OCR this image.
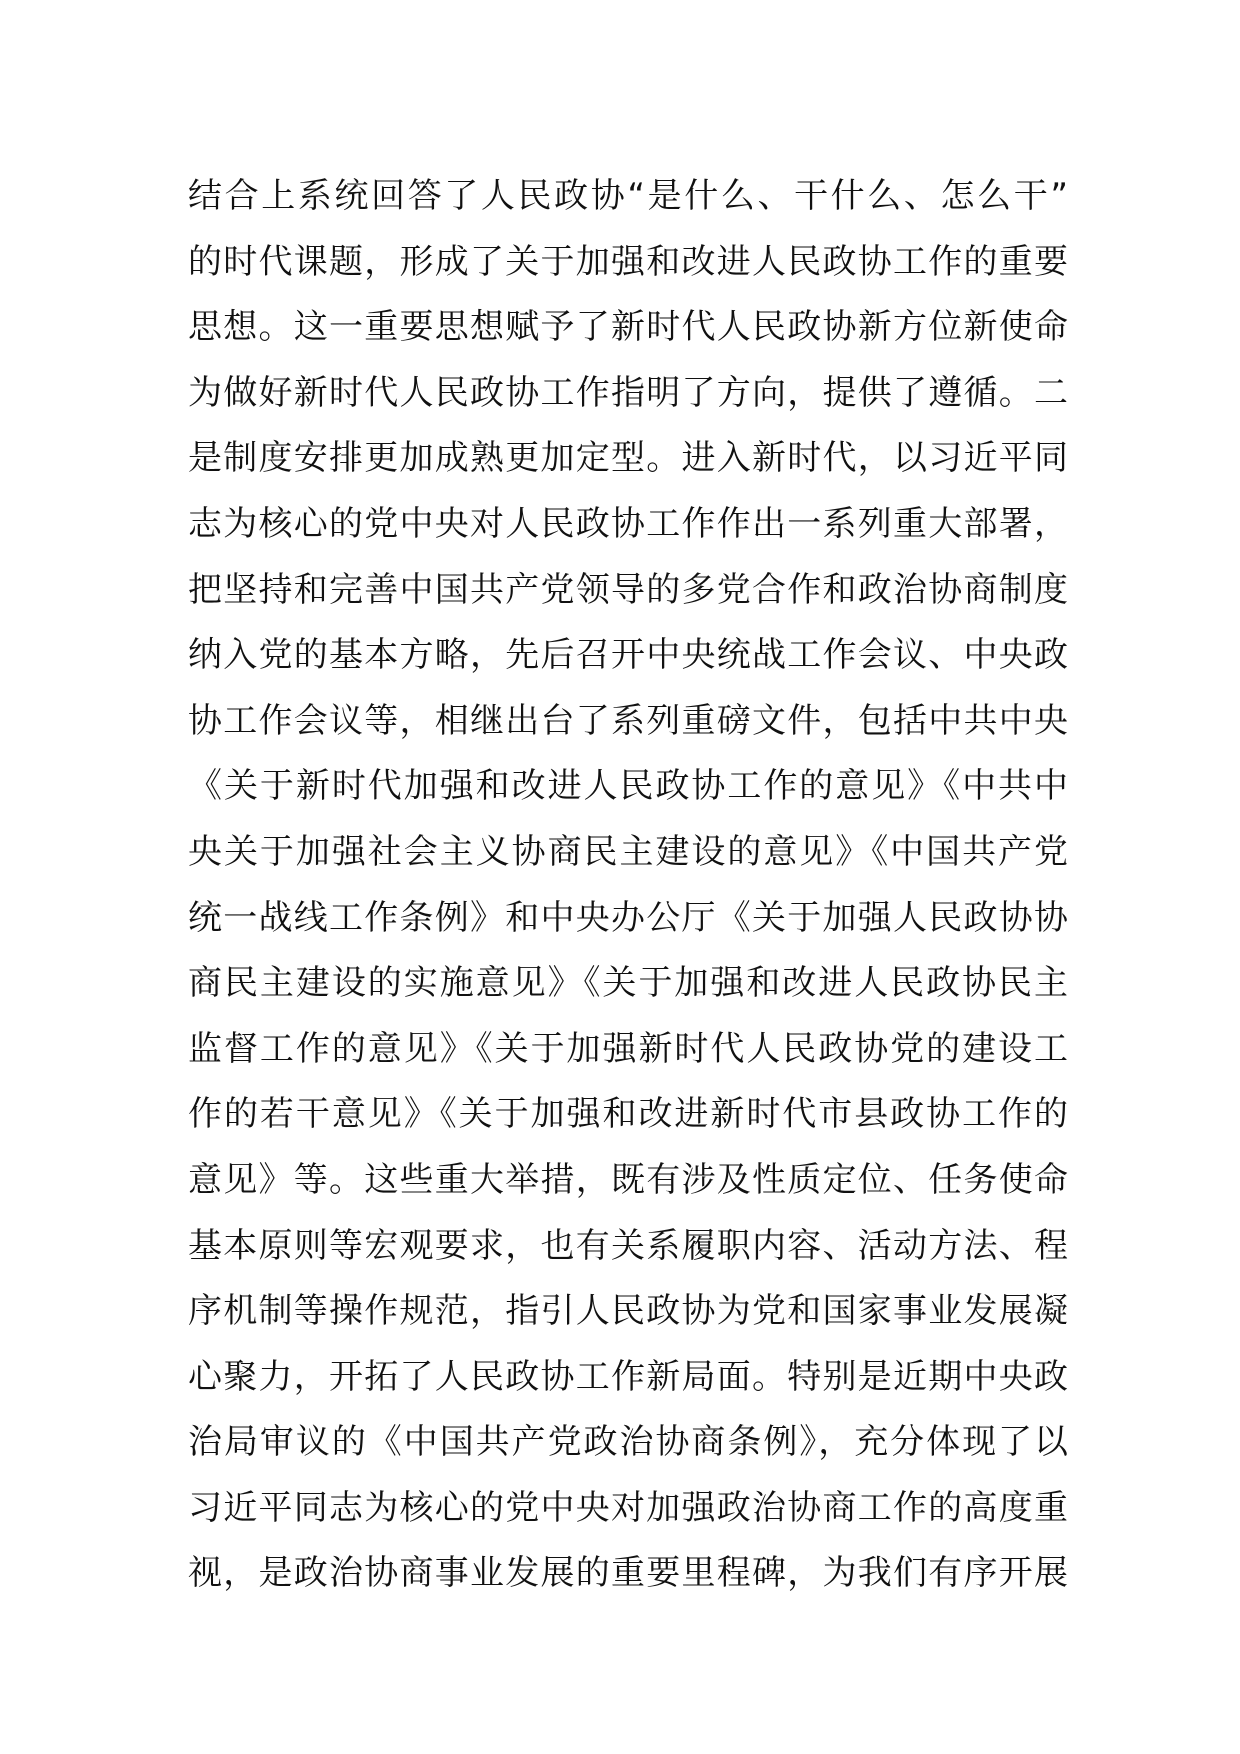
结合上系统回答了人民政协“是什么、干什么、怎么干”
的时代课题，形成了关于加强和改进人民政协工作的重要
思想。这一重要思想赋予了新时代人民政协新方位新使命
为做好新时代人民政协工作指明了方向，提供了遵循。二
是制度安排更加成熟更加定型。进入新时代，以习近平同
志为核心的党中央对人民政协工作作出一系列重大部署，
把坚持和完善中国共产党领导的多党合作和政治协商制度
纳入党的基本方略，先后召开中央统战工作会议、中央政
协工作会议等，相继出台了系列重磅文件，包括中共中央
《关于新时代加强和改进人民政协工作的意见》《中共中
央关于加强社会主义协商民主建设的意见》《中国共产党
统一战线工作条例》和中央办公厅《关于加强人民政协协
商民主建设的实施意见》《关于加强和改进人民政协民主
监督工作的意见》《关于加强新时代人民政协党的建设工
作的若干意见》《关于加强和改进新时代市县政协工作的
意见》等。这些重大举措，既有涉及性质定位、任务使命
基本原则等宏观要求，也有关系履职内容、活动方法、程
序机制等操作规范，指引人民政协为党和国家事业发展凝
心聚力，开拓了人民政协工作新局面。特别是近期中央政
治局审议的《中国共产党政治协商条例》，充分体现了以
习近平同志为核心的党中央对加强政治协商工作的高度重
视，是政治协商事业发展的重要里程碑，为我们有序开展
